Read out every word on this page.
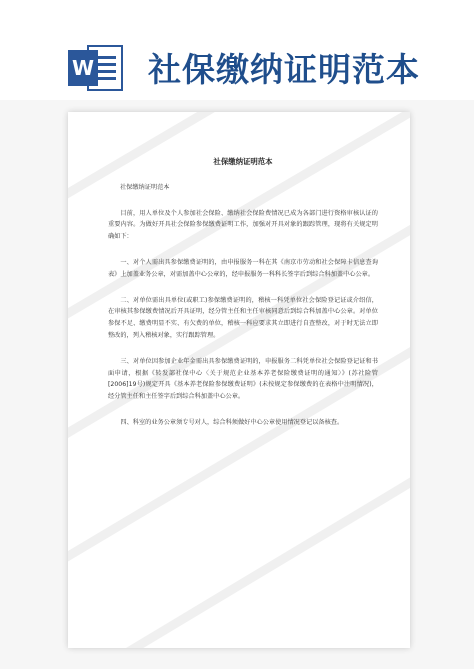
W 社保缴纳证明范本
社保缴纳证明范本

社保缴纳证明范本

目前，用人单位及个人参加社会保险、缴纳社会保险费情况已成为各部门进行资格审核认证的重要内容。为做好开具社会保险参保缴费证明工作，加强对开具对象的跟踪管理，现将有关规定明确如下：

一、对个人需出具参保缴费证明的，由申报服务一科在其《南京市劳动和社会保障卡信息查询表》上加盖业务公章，对需加盖中心公章的，经申报服务一科科长签字后到综合科加盖中心公章。

二、对单位需出具单位(或职工)参保缴费证明的，稽核一科凭单位社会保险登记证或介绍信，在审核其参保缴费情况后开具证明，经分管主任和主任审核同意后到综合科加盖中心公章。对单位参保不足、缴费明显不实、有欠费的单位，稽核一科应要求其立即进行自查整改，对于时无法立即整改的，列入稽核对象，实行跟踪管理。

三、对单位因参加企业年金需出具参保缴费证明的，申报服务二科凭单位社会保险登记证和书面申请，根据《转发部社保中心〈关于规范企业基本养老保险缴费证明的通知〉》(苏社险管[2006]19号)规定开具《基本养老保险参保缴费证明》(未按规定参保缴费的在表格中注明情况)，经分管主任和主任签字后到综合科加盖中心公章。

四、科室的业务公章须专号对人，综合科须做好中心公章使用情况登记以备核查。
